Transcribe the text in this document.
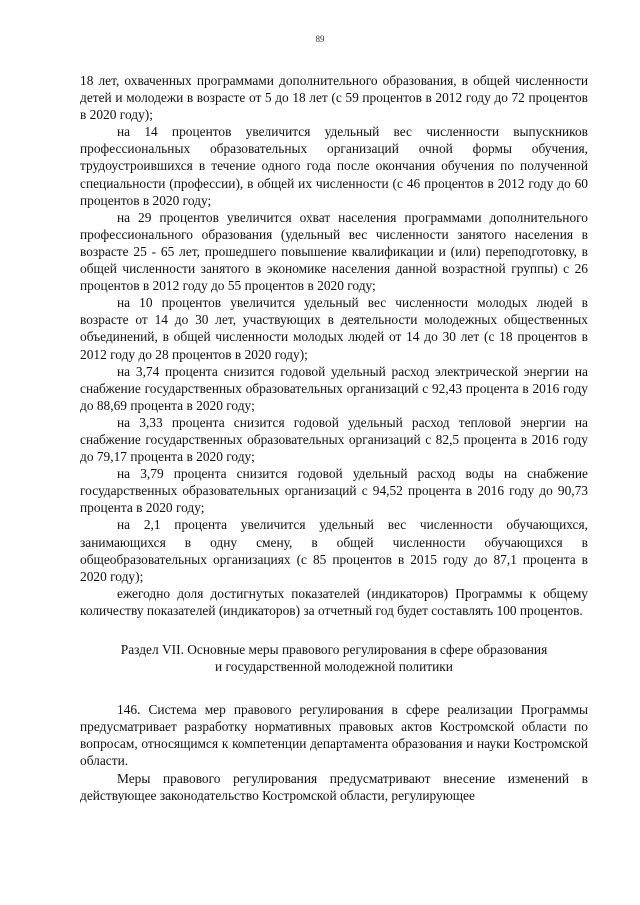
89

18 лет, охваченных программами дополнительного образования, в общей численности детей и молодежи в возрасте от 5 до 18 лет (с 59 процентов в 2012 году до 72 процентов в 2020 году);

на 14 процентов увеличится удельный вес численности выпускников профессиональных образовательных организаций очной формы обучения, трудоустроившихся в течение одного года после окончания обучения по полученной специальности (профессии), в общей их численности (с 46 процентов в 2012 году до 60 процентов в 2020 году;

на 29 процентов увеличится охват населения программами дополнительного профессионального образования (удельный вес численности занятого населения в возрасте 25 - 65 лет, прошедшего повышение квалификации и (или) переподготовку, в общей численности занятого в экономике населения данной возрастной группы) с 26 процентов в 2012 году до 55 процентов в 2020 году;

на 10 процентов увеличится удельный вес численности молодых людей в возрасте от 14 до 30 лет, участвующих в деятельности молодежных общественных объединений, в общей численности молодых людей от 14 до 30 лет (с 18 процентов в 2012 году до 28 процентов в 2020 году);

на 3,74 процента снизится годовой удельный расход электрической энергии на снабжение государственных образовательных организаций с 92,43 процента в 2016 году до 88,69 процента в 2020 году;

на 3,33 процента снизится годовой удельный расход тепловой энергии на снабжение государственных образовательных организаций с 82,5 процента в 2016 году до 79,17 процента в 2020 году;

на 3,79 процента снизится годовой удельный расход воды на снабжение государственных образовательных организаций с 94,52 процента в 2016 году до 90,73 процента в 2020 году;

на 2,1 процента увеличится удельный вес численности обучающихся, занимающихся в одну смену, в общей численности обучающихся в общеобразовательных организациях (с 85 процентов в 2015 году до 87,1 процента в 2020 году);

ежегодно доля достигнутых показателей (индикаторов) Программы к общему количеству показателей (индикаторов) за отчетный год будет составлять 100 процентов.

Раздел VII. Основные меры правового регулирования в сфере образования
и государственной молодежной политики

146. Система мер правового регулирования в сфере реализации Программы предусматривает разработку нормативных правовых актов Костромской области по вопросам, относящимся к компетенции департамента образования и науки Костромской области.

Меры правового регулирования предусматривают внесение изменений в действующее законодательство Костромской области, регулирующее
